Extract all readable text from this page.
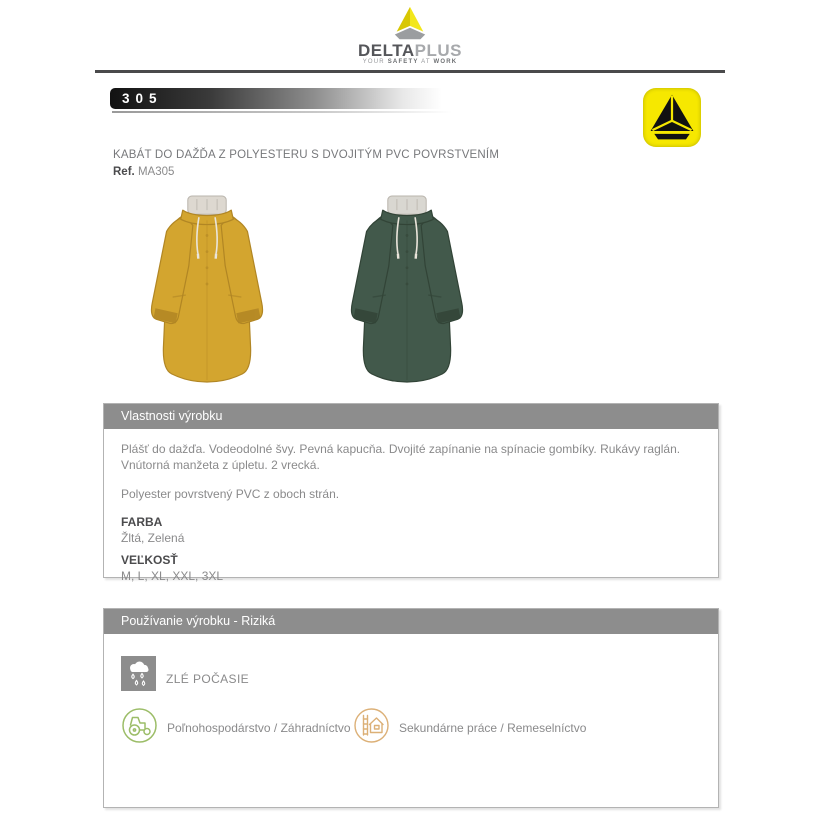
DELTAPLUS
YOUR SAFETY AT WORK
305
KABÁT DO DAŽĎA Z POLYESTERU S DVOJITÝM PVC POVRSTVENÍM
Ref. MA305
Vlastnosti výrobku

Plášť do dažďa. Vodeodolné švy. Pevná kapucňa. Dvojité zapínanie na spínacie gombíky. Rukávy raglán. Vnútorná manžeta z úpletu. 2 vrecká.

Polyester povrstvený PVC z oboch strán.

FARBA
Žltá, Zelená
VEĽKOSŤ
M, L, XL, XXL, 3XL
Používanie výrobku - Riziká
ZLÉ POČASIE
Poľnohospodárstvo / Záhradníctvo	Sekundárne práce / Remeselníctvo
